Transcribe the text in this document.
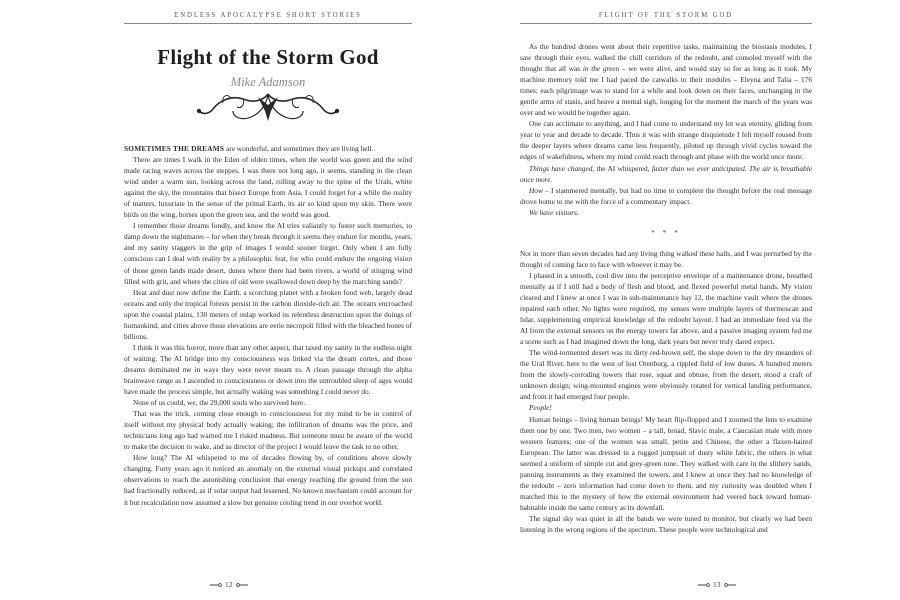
ENDLESS APOCALYPSE SHORT STORIES
Flight of the Storm God
Mike Adamson

SOMETIMES THE DREAMS are wonderful, and sometimes they are living hell.

There are times I walk in the Eden of olden times, when the world was green and the wind made racing waves across the steppes. I was there not long ago, it seems, standing in the clean wind under a warm sun, looking across the land, rolling away to the spine of the Urals, white against the sky, the mountains that bisect Europe from Asia. I could forget for a while the reality of matters, luxuriate in the sense of the primal Earth, its air so kind upon my skin. There were birds on the wing, horses upon the green sea, and the world was good.

I remember those dreams fondly, and know the AI tries valiantly to foster such memories, to damp down the nightmares – for when they break through it seems they endure for months, years, and my sanity staggers in the grip of images I would sooner forget. Only when I am fully conscious can I deal with reality by a philosophic feat, for who could endure the ongoing vision of those green lands made desert, dunes where there had been rivers, a world of stinging wind filled with grit, and where the cities of old were swallowed down deep by the marching sands?

Heat and dust now define the Earth, a scorching planet with a broken food web, largely dead oceans and only the tropical forests persist in the carbon dioxide-rich air. The oceans encroached upon the coastal plains, 130 meters of onlap worked its relentless destruction upon the doings of humankind, and cities above those elevations are eerie necropoli filled with the bleached bones of billions.

I think it was this horror, more than any other aspect, that taxed my sanity in the endless night of waiting. The AI bridge into my consciousness was linked via the dream cortex, and those dreams dominated me in ways they were never meant to. A clean passage through the alpha brainwave range as I ascended to consciousness or down into the untroubled sleep of ages would have made the process simple, but actually waking was something I could never do.

None of us could, we, the 29,000 souls who survived here.

That was the trick, coming close enough to consciousness for my mind to be in control of itself without my physical body actually waking; the infiltration of dreams was the price, and technicians long ago had warned me I risked madness. But someone must be aware of the world to make the decision to wake, and as director of the project I would leave the task to no other.

How long? The AI whispered to me of decades flowing by, of conditions above slowly changing. Forty years ago it noticed an anomaly on the external visual pickups and correlated observations to reach the astonishing conclusion that energy reaching the ground from the sun had fractionally reduced, as if solar output had lessened. No known mechanism could account for it but recalculation now assumed a slow but genuine cooling trend in our overhot world.

12
FLIGHT OF THE STORM GOD

As the hundred drones went about their repetitive tasks, maintaining the biostasis modules, I saw through their eyes, walked the chill corridors of the redoubt, and consoled myself with the thought that all was in the green – we were alive, and would stay so for as long as it took. My machine memory told me I had paced the catwalks to their modules – Eleyna and Talia – 176 times; each pilgrimage was to stand for a while and look down on their faces, unchanging in the gentle arms of stasis, and heave a mental sigh, longing for the moment the march of the years was over and we would be together again.

One can acclimate to anything, and I had come to understand my lot was eternity, gliding from year to year and decade to decade. Thus it was with strange disquietude I felt myself roused from the deeper layers where dreams came less frequently, piloted up through vivid cycles toward the edges of wakefulness, where my mind could reach through and phase with the world once more.

Things have changed, the AI whispered, faster than we ever anticipated. The air is breathable once more.

How – I stammered mentally, but had no time to complete the thought before the real message drove home to me with the force of a commentary impact.

We have visitors.

* * *

Not in more than seven decades had any living thing walked these halls, and I was perturbed by the thought of coming face to face with whoever it may be.

I phased in a smooth, cool dive into the perceptive envelope of a maintenance drone, breathed mentally as if I still had a body of flesh and blood, and flexed powerful metal hands. My vision cleared and I knew at once I was in sub-maintenance bay 12, the machine vault where the drones repaired each other. No lights were required, my senses were multiple layers of thermoscan and lidar, supplementing empirical knowledge of the redoubt layout. I had an immediate feed via the AI from the external sensors on the energy towers far above, and a passive imaging system fed me a scene such as I had imagined down the long, dark years but never truly dared expect.

The wind-tormented desert was its dirty red-brown self, the slope down to the dry meanders of the Ural River, here to the west of lost Orenburg, a rippled field of low dunes. A hundred meters from the slowly-corroding towers that rose, squat and obtuse, from the desert, stood a craft of unknown design; wing-mounted engines were obviously rotated for vertical landing performance, and from it had emerged four people.

People!

Human beings – living human beings! My heart flip-flopped and I zoomed the lens to examine them one by one. Two men, two women – a tall, broad, Slavic male, a Caucasian male with more western features; one of the women was small, petite and Chinese, the other a flaxen-haired European. The latter was dressed in a rugged jumpsuit of dusty white fabric, the others in what seemed a uniform of simple cut and grey-green tone. They walked with care in the slithery sands, panning instruments as they examined the towers, and I knew at once they had no knowledge of the redoubt – zero information had come down to them, and my curiosity was doubled when I matched this to the mystery of how the external environment had veered back toward human-habitable inside the same century as its downfall.

The signal sky was quiet in all the bands we were tuned to monitor, but clearly we had been listening in the wrong regions of the spectrum. These people were technological and

13
